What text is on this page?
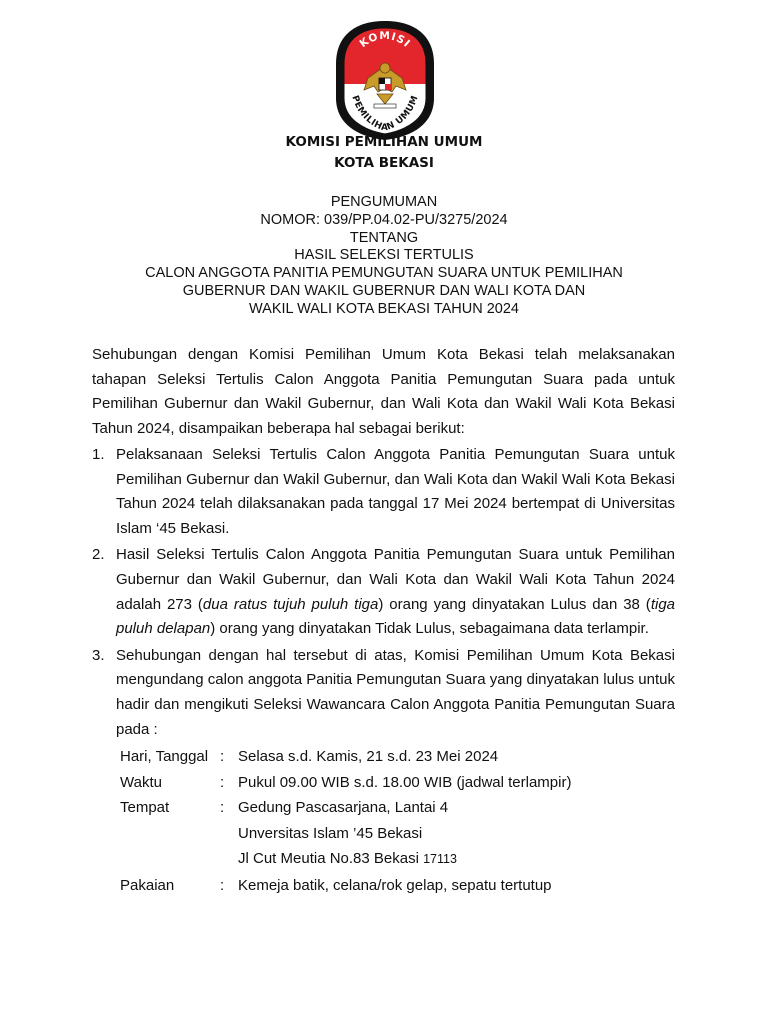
KOMISI
PEMILIHAN UMUM
KOMISI PEMILIHAN UMUM
KOTA BEKASI
PENGUMUMAN
NOMOR: 039/PP.04.02-PU/3275/2024
TENTANG
HASIL SELEKSI TERTULIS
CALON ANGGOTA PANITIA PEMUNGUTAN SUARA UNTUK PEMILIHAN
GUBERNUR DAN WAKIL GUBERNUR DAN WALI KOTA DAN
WAKIL WALI KOTA BEKASI TAHUN 2024
Sehubungan dengan Komisi Pemilihan Umum Kota Bekasi telah melaksanakan tahapan Seleksi Tertulis Calon Anggota Panitia Pemungutan Suara pada untuk Pemilihan Gubernur dan Wakil Gubernur, dan Wali Kota dan Wakil Wali Kota Bekasi Tahun 2024, disampaikan beberapa hal sebagai berikut:
1. Pelaksanaan Seleksi Tertulis Calon Anggota Panitia Pemungutan Suara untuk Pemilihan Gubernur dan Wakil Gubernur, dan Wali Kota dan Wakil Wali Kota Bekasi Tahun 2024 telah dilaksanakan pada tanggal 17 Mei 2024 bertempat di Universitas Islam ‘45 Bekasi.
2. Hasil Seleksi Tertulis Calon Anggota Panitia Pemungutan Suara untuk Pemilihan Gubernur dan Wakil Gubernur, dan Wali Kota dan Wakil Wali Kota Tahun 2024 adalah 273 (dua ratus tujuh puluh tiga) orang yang dinyatakan Lulus dan 38 (tiga puluh delapan) orang yang dinyatakan Tidak Lulus, sebagaimana data terlampir.
3. Sehubungan dengan hal tersebut di atas, Komisi Pemilihan Umum Kota Bekasi mengundang calon anggota Panitia Pemungutan Suara yang dinyatakan lulus untuk hadir dan mengikuti Seleksi Wawancara Calon Anggota Panitia Pemungutan Suara pada :
Hari, Tanggal : Selasa s.d. Kamis, 21 s.d. 23 Mei 2024
Waktu	: Pukul 09.00 WIB s.d. 18.00 WIB (jadwal terlampir)
Tempat	: Gedung Pascasarjana, Lantai 4
Unversitas Islam ’45 Bekasi
Jl Cut Meutia No.83 Bekasi 17113
Pakaian	: Kemeja batik, celana/rok gelap, sepatu tertutup
